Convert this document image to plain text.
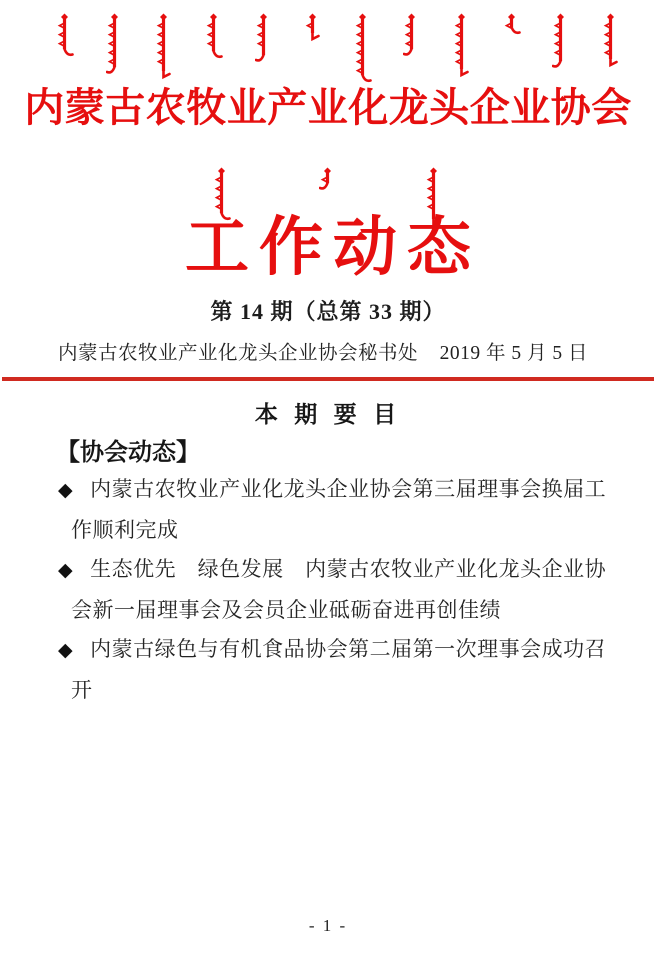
内蒙古农牧业产业化龙头企业协会
工作动态
第 14 期（总第 33 期）
内蒙古农牧业产业化龙头企业协会秘书处 2019 年 5 月 5 日
本 期 要 目
【协会动态】
◆ 内蒙古农牧业产业化龙头企业协会第三届理事会换届工
作顺利完成
◆ 生态优先　绿色发展　内蒙古农牧业产业化龙头企业协
会新一届理事会及会员企业砥砺奋进再创佳绩
◆ 内蒙古绿色与有机食品协会第二届第一次理事会成功召
开
- 1 -
